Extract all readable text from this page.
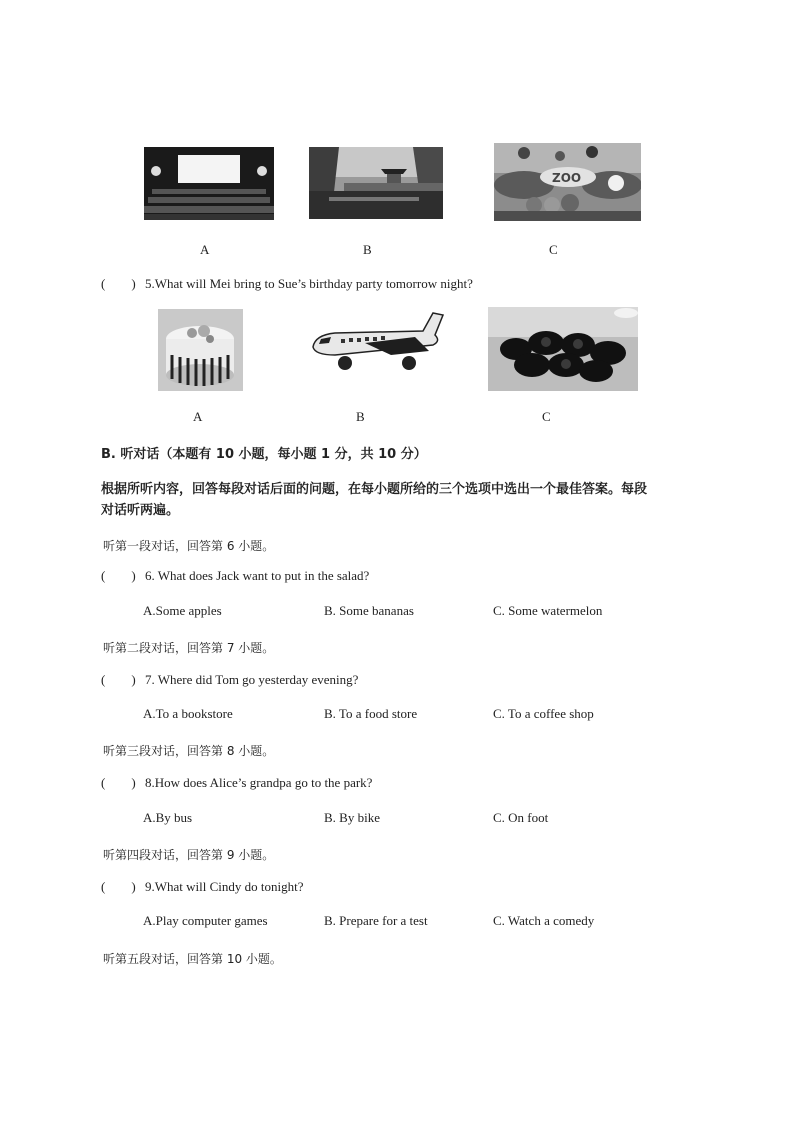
ZOO
A	B	C
( ) 5.What will Mei bring to Sue’s birthday party tomorrow night?
A	B	C
B. 听对话（本题有 10 小题，每小题 1 分，共 10 分）
根据所听内容，回答每段对话后面的问题，在每小题所给的三个选项中选出一个最佳答案。每段
对话听两遍。
听第一段对话，回答第 6 小题。
( ) 6. What does Jack want to put in the salad?
A.Some apples	B. Some bananas	C. Some watermelon
听第二段对话，回答第 7 小题。
( ) 7. Where did Tom go yesterday evening?
A.To a bookstore	B. To a food store	C. To a coffee shop
听第三段对话，回答第 8 小题。
( ) 8.How does Alice’s grandpa go to the park?
A.By bus	B. By bike	C. On foot
听第四段对话，回答第 9 小题。
( ) 9.What will Cindy do tonight?
A.Play computer games	B. Prepare for a test	C. Watch a comedy
听第五段对话，回答第 10 小题。
